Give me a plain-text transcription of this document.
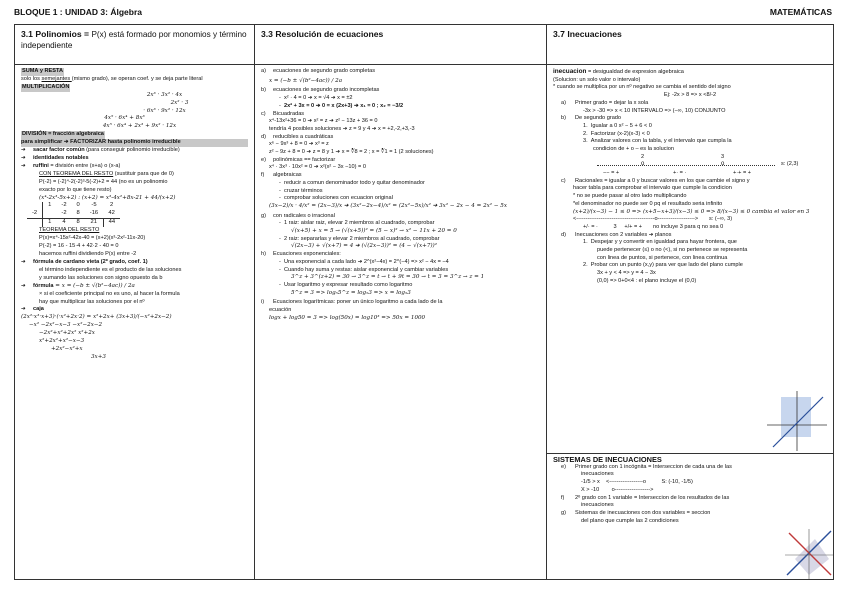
BLOQUE 1 : UNIDAD 3: Álgebra	MATEMÁTICAS
3.1 Polinomios = P(x) está formado por monomios y término independiente
SUMA y RESTA

solo los semejantes (mismo grado), se operan coef. y se deja parte literal

MULTIPLICACIÓN

2x³ · 3x² · 4x

2x² · 3

· 6x³ · 9x² · 12x

4x⁵ · 6x⁴ + 8x³

4x⁵ · 6x⁴ + 2x³ + 9x² · 12x

DIVISIÓN = fracción algebraica
para simplificar ➔ FACTORIZAR hasta polinomio irreducible

➔ sacar factor común (para conseguir polinomio irreducible)

➔ identidades notables

➔ ruffini = división entre (x+a) o (x-a)

CON TEOREMA DEL RESTO (sustituir para que de 0)

P(-2) = (-2)⁴-2(-2)³-5(-2)+2 = 44 (no es un polinomio

exacto por lo que tiene resto)

(x⁴-2x³-5x+2) : (x+2) = x³-4x²+8x-21 + 44/(x+2)

	1	-2	0	-5	2
-2		-2	8	-16	42
	1	4	8	21	44

TEOREMA DEL RESTO

P(x)=x⁴-15x²-42x-40 = (x+2)(x³-2x²-11x-20)

P(-2) = 16 - 15·4 + 42·2 - 40 = 0

hacemos ruffini dividiendo P(x) entre -2

➔ fórmula de cardano vieta (2º grado, coef. 1)

el término independiente es el producto de las soluciones

y sumando las soluciones con signo opuesto da b

➔ fórmula = x = (−b ± √(b²−4ac)) / 2a

× si el coeficiente principal no es uno, al hacer la formula

hay que multiplicar las soluciones por el nº

➔ caja

(2x²·x³·x+3)·(·x²+2x·2) = x²+2x+ (3x+3)/(−x²+2x−2)

−x² −2x²−x−3 −x²−2x−2

−2x²+x²+2x² x²+2x

x²+2x²+x²−x−3

+2x²−x²+x

3x+3

3.3 Resolución de ecuaciones

a) ecuaciones de segundo grado completas

x = (−b ± √(b²−4ac)) / 2a

b) ecuaciones de segundo grado incompletas

-  x² · 4 = 0 ➔ x = √4 ➔ x = ±2

-  2x² + 3x = 0 ➔ 0 = x (2x+3) ➔ x₁ = 0 ; x₂ = −3/2

c) Bicuadradas

x⁴-13x²+36 = 0 ➔ x² = z ➔ z² − 13z + 36 = 0

tendría 4 posibles soluciones ➔ z = 9 y 4 ➔ x = +2,-2,+3,-3

d) reducibles a cuadráticas

x⁶ − 9x³ + 8 = 0 ➔ x³ = z

z² − 9z + 8 = 0 ➔ z = 8 y 1 ➔ x = ∛8 = 2 ; x = ∛1 = 1 (2 soluciones)

e) polinómicas == factorizar

x⁴ · 3x³ · 10x² = 0 ➔ x²(x² − 3x −10) = 0

f) algebraicas

-  reducir a comun denominador todo y quitar denominador

-  cruzar términos

-  comprobar soluciones con ecuacion original

(3x−2)/x · 4/x² = (2x−3)/x ➔ (3x²−2x−4)/x² = (2x²−5x)/x² ➔ 3x² − 2x − 4 = 2x² − 5x

g) con radicales o irracional

-  1 raiz: aislar raiz, elevar 2 miembros al cuadrado, comprobar

√(x+5) + x = 5 → (√(x+5))² = (5 − x)² → x² − 11x + 20 = 0

-  2 raiz: separarlas y elevar 2 miembros al cuadrado, comprobar

√(2x−3) + √(x+7) = 4 ➔ (√(2x−3))² = (4 − √(x+7))²

h) Ecuaciones exponenciales:

-  Una exponencial a cada lado ➔ 2^(x²−4x) = 2^(−4) => x² − 4x = −4

-  Cuando hay suma y restas: aislar exponencial y cambiar variables

3^z + 3^(z+2) = 30 → 3^z = t → t + 9t = 30 → t = 3 = 3^z → z = 1

-  Usar logaritmo y expresar resultado como logaritmo

5^z = 3 => log₅5^z = log₅3 => x = log₅3

i) Ecuaciones logarítmicas: poner un único logaritmo a cada lado de la

ecuación

logx + log50 = 3 => log(50x) = log10³ => 50x = 1000

3.7 Inecuaciones

inecuacion = desigualdad de expresion algebraica

(Solucion: un solo valor o intervalo)

* cuando se multiplica por un nº negativo se cambia el sentido del signo

Ej: -2x > 8 => x <8/-2

a) Primer grado = dejar la x sola

-3x > -30 => x < 10 INTERVALO => (−∞, 10) CONJUNTO

b) De segundo grado

1.  Igualar a 0 x² − 5 + 6 < 0

2.  Factorizar (x-2)(x-3) < 0

3.  Analizar valores con la tabla, y el intervalo que cumpla la

condicion de + o – es la solucion

2	3
o	o	s: (2,3)
−− = +	+· = ·	+·+ = +

c) Racionales = igualar a 0 y buscar valores en los que cambie el signo y

hacer tabla para comprobar el intervalo que cumple la condicion

* no se puede pasar al otro lado multiplicando

*el denominador no puede ser 0 pq el resultado seria infinito

(x+2)/(x−3) − 1 ≤ 0 => (x+5−x+3)/(x−3) ≤ 0 => 8/(x−3) ≤ 0 cambia el valor en 3

<------------------------------------------o-------------------->       s: (−∞, 3)

+/· = ·          3     +/+ = +       no incluye 3 para q no sea 0

d) Inecuaciones con 2 variables ➔ planos

1.  Despejar y y convertir en igualdad para hayar frontera, que

puede pertenecer (≤) o no (<), si no pertenece se representa

con linea de puntos, si pertenece, con linea continua

2.  Probar con un punto (x,y) para ver que lado del plano cumple

3x + y < 4 => y = 4 − 3x

(0,0) => 0+0<4 : el plano incluye el (0,0)

SISTEMAS DE INECUACIONES

e) Primer grado con 1 incógnita = Interseccion de cada una de las

inecuaciones

-1/5 > x    <------------------o          S: (-10, -1/5)

X > -10        o------------------->

f) 2º grado con 1 variable = Interseccion de los resultados de las

inecuaciones

g) Sistemas de inecuaciones con dos variables = seccion

del plano que cumple las 2 condiciones
